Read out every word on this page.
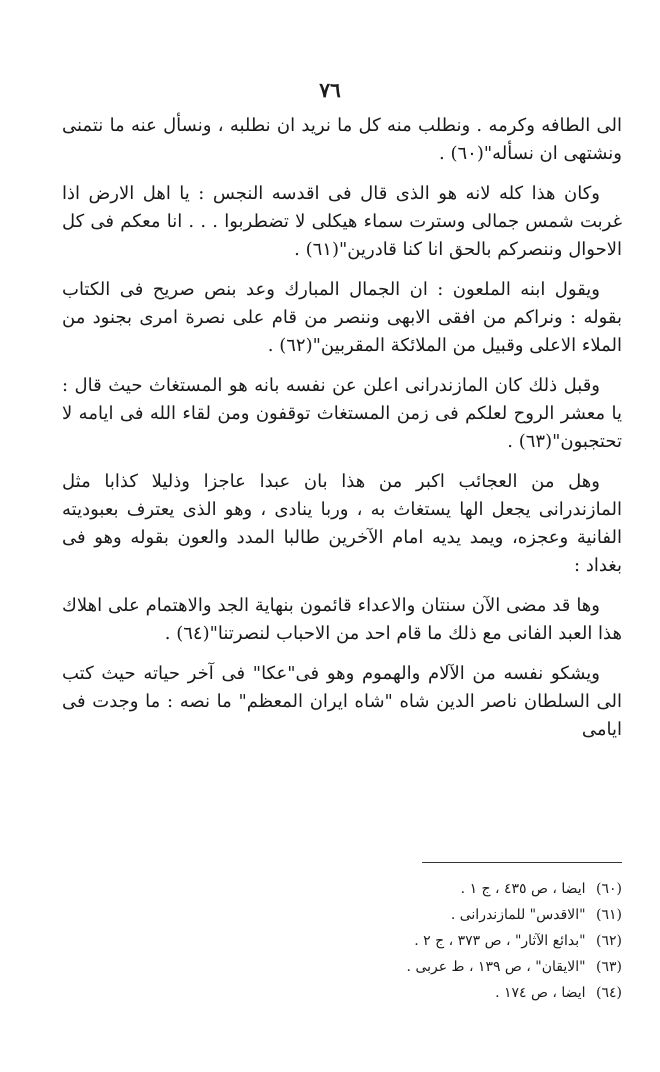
٧٦

الى الطافه وكرمه . ونطلب منه كل ما نريد ان نطلبه ، ونسأل عنه ما نتمنى ونشتهى ان نسأله"(٦٠) .

وكان هذا كله لانه هو الذى قال فى اقدسه النجس : يا اهل الارض اذا غربت شمس جمالى وسترت سماء هيكلى لا تضطربوا . . . انا معكم فى كل الاحوال وننصركم بالحق انا كنا قادرين"(٦١) .

ويقول ابنه الملعون : ان الجمال المبارك وعد بنص صريح فى الكتاب بقوله : ونراكم من افقى الابهى وننصر من قام على نصرة امرى بجنود من الملاء الاعلى وقبيل من الملائكة المقربين"(٦٢) .

وقبل ذلك كان المازندرانى اعلن عن نفسه بانه هو المستغاث حيث قال : يا معشر الروح لعلكم فى زمن المستغاث توقفون ومن لقاء الله فى ايامه لا تحتجبون"(٦٣) .

وهل من العجائب اكبر من هذا بان عبدا عاجزا وذليلا كذابا مثل المازندرانى يجعل الها يستغاث به ، وربا ينادى ، وهو الذى يعترف بعبوديته الفانية وعجزه، ويمد يديه امام الآخرين طالبا المدد والعون بقوله وهو فى بغداد :

وها قد مضى الآن سنتان والاعداء قائمون بنهاية الجد والاهتمام على اهلاك هذا العبد الفانى مع ذلك ما قام احد من الاحباب لنصرتنا"(٦٤) .

ويشكو نفسه من الآلام والهموم وهو فى"عكا" فى آخر حياته حيث كتب الى السلطان ناصر الدين شاه "شاه ايران المعظم" ما نصه : ما وجدت فى ايامى

(٦٠) ايضا ، ص ٤٣٥ ، ج ١ .

(٦١) "الاقدس" للمازندرانى .

(٦٢) "بدائع الآثار" ، ص ٣٧٣ ، ج ٢ .

(٦٣) "الايقان" ، ص ١٣٩ ، ط عربى .

(٦٤) ايضا ، ص ١٧٤ .
